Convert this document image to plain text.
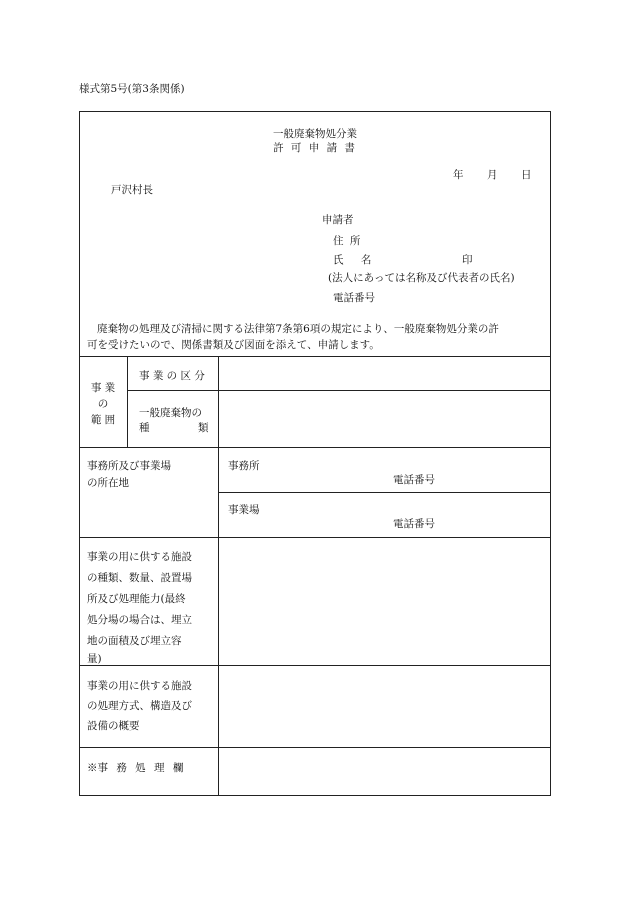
様式第5号(第3条関係)
一般廃棄物処分業
許 可 申 請 書
年 月 日
戸沢村長
申請者
住 所
氏 名	印
(法人にあっては名称及び代表者の氏名)
電話番号
廃棄物の処理及び清掃に関する法律第7条第6項の規定により、一般廃棄物処分業の許
可を受けたいので、関係書類及び図面を添えて、申請します。
事 業
の
範 囲
事 業 の 区 分
一般廃棄物の
種	類
事務所及び事業場
の所在地
事務所
電話番号
事業場
電話番号
事業の用に供する施設
の種類、数量、設置場
所及び処理能力(最終
処分場の場合は、埋立
地の面積及び埋立容
量)
事業の用に供する施設
の処理方式、構造及び
設備の概要
※事 務 処 理 欄
